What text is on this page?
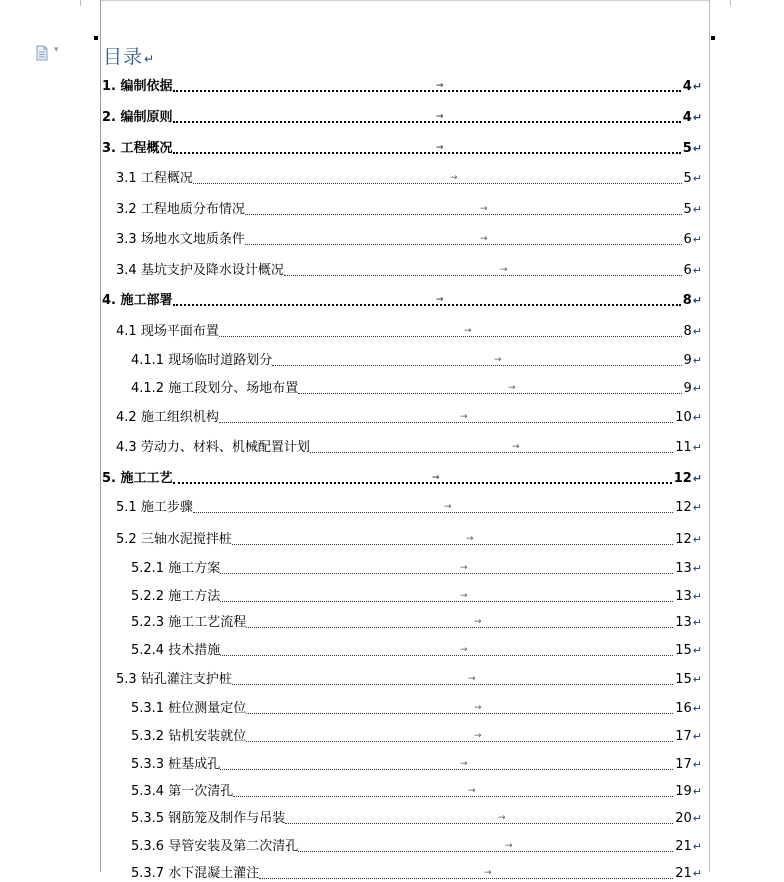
▾ 目录↵
1. 编制依据	4 ↵
→
2. 编制原则	4 ↵
→
3. 工程概况	5 ↵
→
3.1 工程概况	5 ↵
→
3.2 工程地质分布情况	5 ↵
→
3.3 场地水文地质条件	6 ↵
→
3.4 基坑支护及降水设计概况	6 ↵
→
4. 施工部署	8 ↵
→
4.1 现场平面布置	8 ↵
→
4.1.1 现场临时道路划分	9 ↵
→
4.1.2 施工段划分、场地布置	9 ↵
→
4.2 施工组织机构	10 ↵
→
4.3 劳动力、材料、机械配置计划	11 ↵
→
5. 施工工艺	12 ↵
→
5.1 施工步骤	12 ↵
→
5.2 三轴水泥搅拌桩	12 ↵
→
5.2.1 施工方案	13 ↵
→
5.2.2 施工方法	13 ↵
→
5.2.3 施工工艺流程	13 ↵
→
5.2.4 技术措施	15 ↵
→
5.3 钻孔灌注支护桩	15 ↵
→
5.3.1 桩位测量定位	16 ↵
→
5.3.2 钻机安装就位	17 ↵
→
5.3.3 桩基成孔	17 ↵
→
5.3.4 第一次清孔	19 ↵
→
5.3.5 钢筋笼及制作与吊装	20 ↵
→
5.3.6 导管安装及第二次清孔	21 ↵
→
5.3.7 水下混凝土灌注	21 ↵
→
